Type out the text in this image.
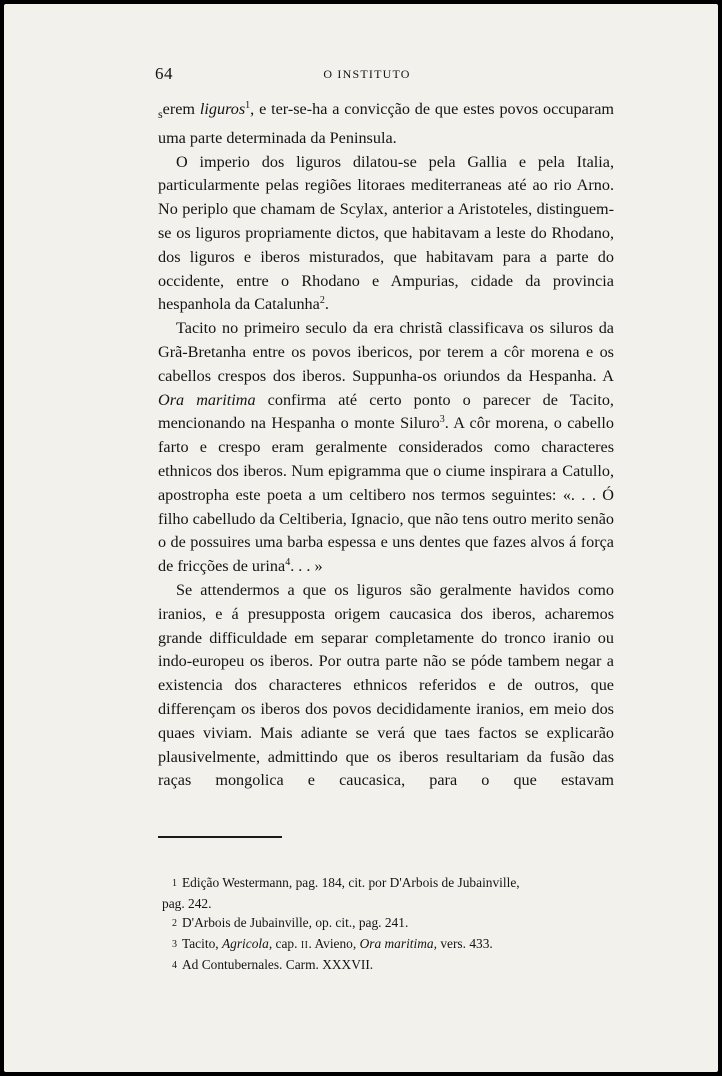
64	O INSTITUTO

$_s$erem liguros$^1$, e ter-se-ha a convicção de que estes povos occuparam uma parte determinada da Peninsula.

O imperio dos liguros dilatou-se pela Gallia e pela Italia, particularmente pelas regiões litoraes mediterraneas até ao rio Arno. No periplo que chamam de Scylax, anterior a Aristoteles, distinguem-se os liguros propriamente dictos, que habitavam a leste do Rhodano, dos liguros e iberos misturados, que habitavam para a parte do occidente, entre o Rhodano e Ampurias, cidade da provincia hespanhola da Catalunha$^2$.

Tacito no primeiro seculo da era christã classificava os siluros da Grã-Bretanha entre os povos ibericos, por terem a côr morena e os cabellos crespos dos iberos. Suppunha-os oriundos da Hespanha. A Ora maritima confirma até certo ponto o parecer de Tacito, mencionando na Hespanha o monte Siluro$^3$. A côr morena, o cabello farto e crespo eram geralmente considerados como characteres ethnicos dos iberos. Num epigramma que o ciume inspirara a Catullo, apostropha este poeta a um celtibero nos termos seguintes: «. . . Ó filho cabelludo da Celtiberia, Ignacio, que não tens outro merito senão o de possuires uma barba espessa e uns dentes que fazes alvos á força de fricções de urina$^4$. . . »

Se attendermos a que os liguros são geralmente havidos como iranios, e á presupposta origem caucasica dos iberos, acharemos grande difficuldade em separar completamente do tronco iranio ou indo-europeu os iberos. Por outra parte não se póde tambem negar a existencia dos characteres ethnicos referidos e de outros, que differençam os iberos dos povos decididamente iranios, em meio dos quaes viviam. Mais adiante se verá que taes factos se explicarão plausivelmente, admittindo que os iberos resultariam da fusão das raças mongolica e caucasica, para o que estavam

1 Edição Westermann, pag. 184, cit. por D'Arbois de Jubainville,
pag. 242.

2 D'Arbois de Jubainville, op. cit., pag. 241.

3 Tacito, Agricola, cap. II. Avieno, Ora maritima, vers. 433.

4 Ad Contubernales. Carm. XXXVII.
